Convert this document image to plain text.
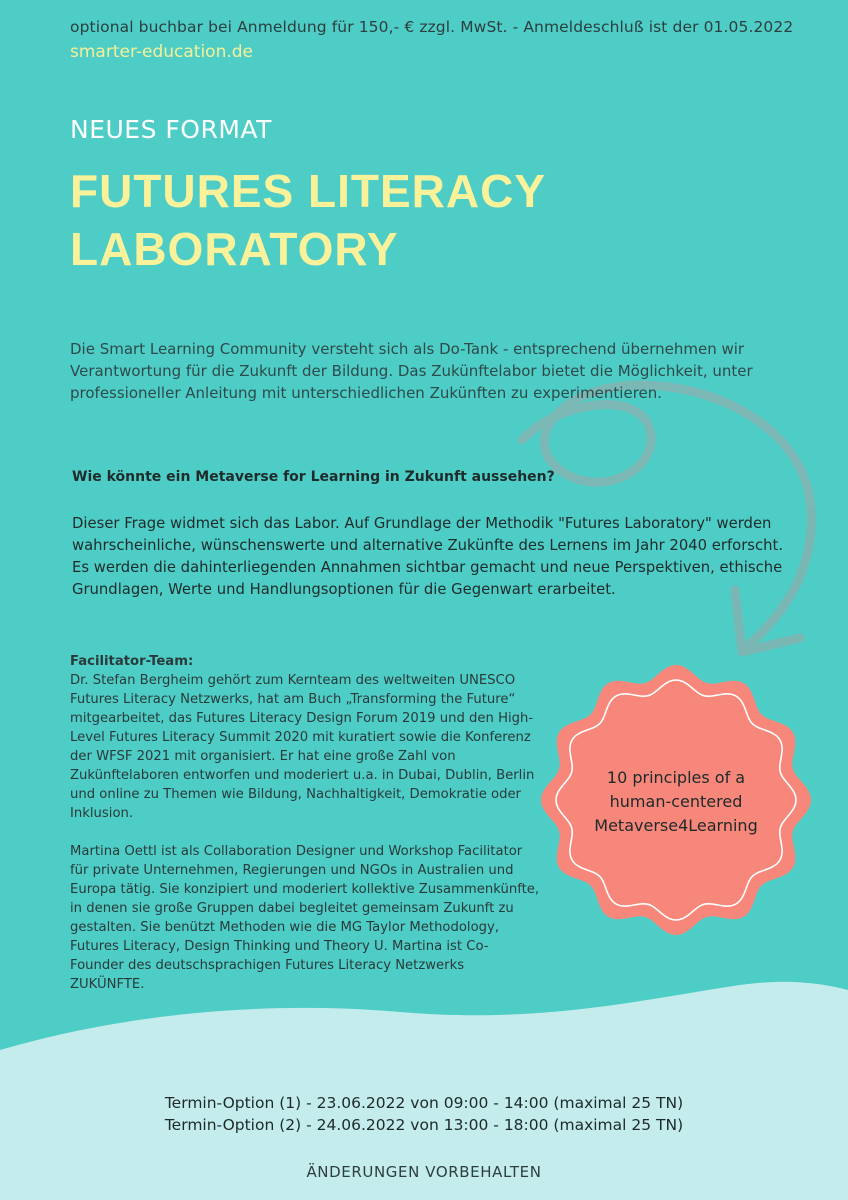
optional buchbar bei Anmeldung für 150,- € zzgl. MwSt. - Anmeldeschluß ist der 01.05.2022
smarter-education.de
NEUES FORMAT
FUTURES LITERACY
LABORATORY
Die Smart Learning Community versteht sich als Do-Tank - entsprechend übernehmen wir Verantwortung für die Zukunft der Bildung. Das Zukünftelabor bietet die Möglichkeit, unter professioneller Anleitung mit unterschiedlichen Zukünften zu experimentieren.
Wie könnte ein Metaverse for Learning in Zukunft aussehen?
Dieser Frage widmet sich das Labor. Auf Grundlage der Methodik "Futures Laboratory" werden wahrscheinliche, wünschenswerte und alternative Zukünfte des Lernens im Jahr 2040 erforscht. Es werden die dahinterliegenden Annahmen sichtbar gemacht und neue Perspektiven, ethische Grundlagen, Werte und Handlungsoptionen für die Gegenwart erarbeitet.
Facilitator-Team:

Dr. Stefan Bergheim gehört zum Kernteam des weltweiten UNESCO Futures Literacy Netzwerks, hat am Buch „Transforming the Future“ mitgearbeitet, das Futures Literacy Design Forum 2019 und den High-Level Futures Literacy Summit 2020 mit kuratiert sowie die Konferenz der WFSF 2021 mit organisiert. Er hat eine große Zahl von Zukünftelaboren entworfen und moderiert u.a. in Dubai, Dublin, Berlin und online zu Themen wie Bildung, Nachhaltigkeit, Demokratie oder Inklusion.

Martina Oettl ist als Collaboration Designer und Workshop Facilitator für private Unternehmen, Regierungen und NGOs in Australien und Europa tätig. Sie konzipiert und moderiert kollektive Zusammenkünfte, in denen sie große Gruppen dabei begleitet gemeinsam Zukunft zu gestalten. Sie benützt Methoden wie die MG Taylor Methodology, Futures Literacy, Design Thinking und Theory U. Martina ist Co-Founder des deutschsprachigen Futures Literacy Netzwerks ZUKÜNFTE.

10 principles of a
human-centered
Metaverse4Learning
Termin-Option (1) - 23.06.2022 von 09:00 - 14:00 (maximal 25 TN)
Termin-Option (2) - 24.06.2022 von 13:00 - 18:00 (maximal 25 TN)
ÄNDERUNGEN VORBEHALTEN
